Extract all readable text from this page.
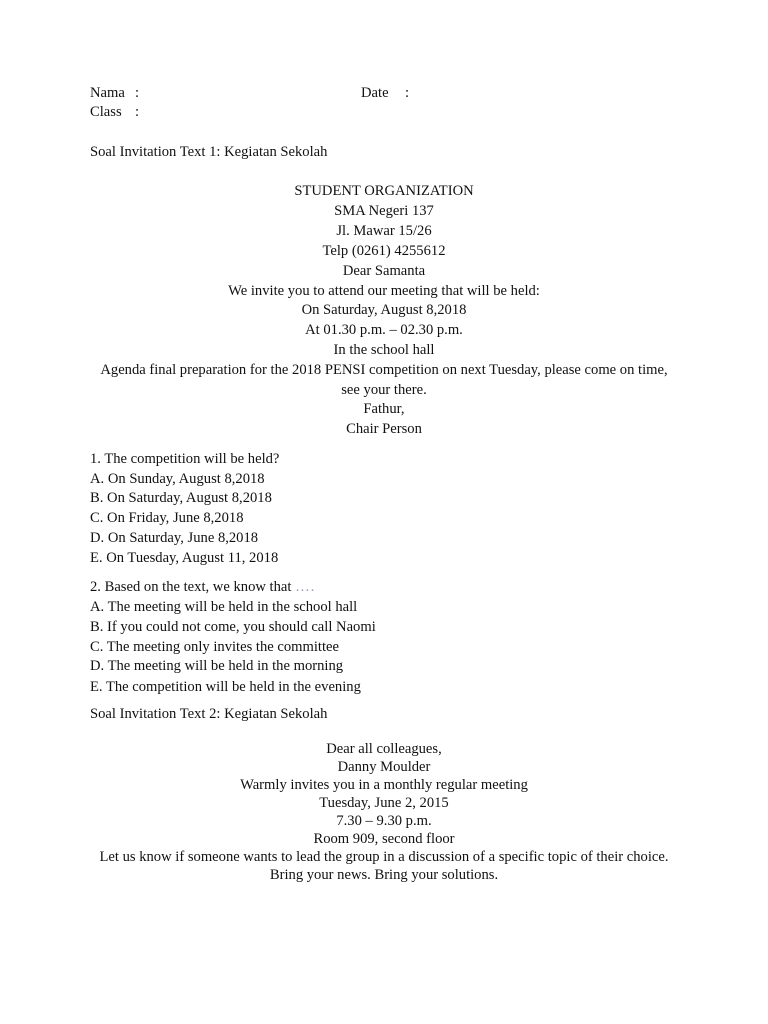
Nama :	Date :
Class :
Soal Invitation Text 1: Kegiatan Sekolah
STUDENT ORGANIZATION
SMA Negeri 137
Jl. Mawar 15/26
Telp (0261) 4255612
Dear Samanta
We invite you to attend our meeting that will be held:
On Saturday, August 8,2018
At 01.30 p.m. – 02.30 p.m.
In the school hall
Agenda final preparation for the 2018 PENSI competition on next Tuesday, please come on time,
see your there.
Fathur,
Chair Person
1. The competition will be held?
A. On Sunday, August 8,2018
B. On Saturday, August 8,2018
C. On Friday, June 8,2018
D. On Saturday, June 8,2018
E. On Tuesday, August 11, 2018
2. Based on the text, we know that ….
A. The meeting will be held in the school hall
B. If you could not come, you should call Naomi
C. The meeting only invites the committee
D. The meeting will be held in the morning
E. The competition will be held in the evening
Soal Invitation Text 2: Kegiatan Sekolah
Dear all colleagues,
Danny Moulder
Warmly invites you in a monthly regular meeting
Tuesday, June 2, 2015
7.30 – 9.30 p.m.
Room 909, second floor
Let us know if someone wants to lead the group in a discussion of a specific topic of their choice.
Bring your news. Bring your solutions.
